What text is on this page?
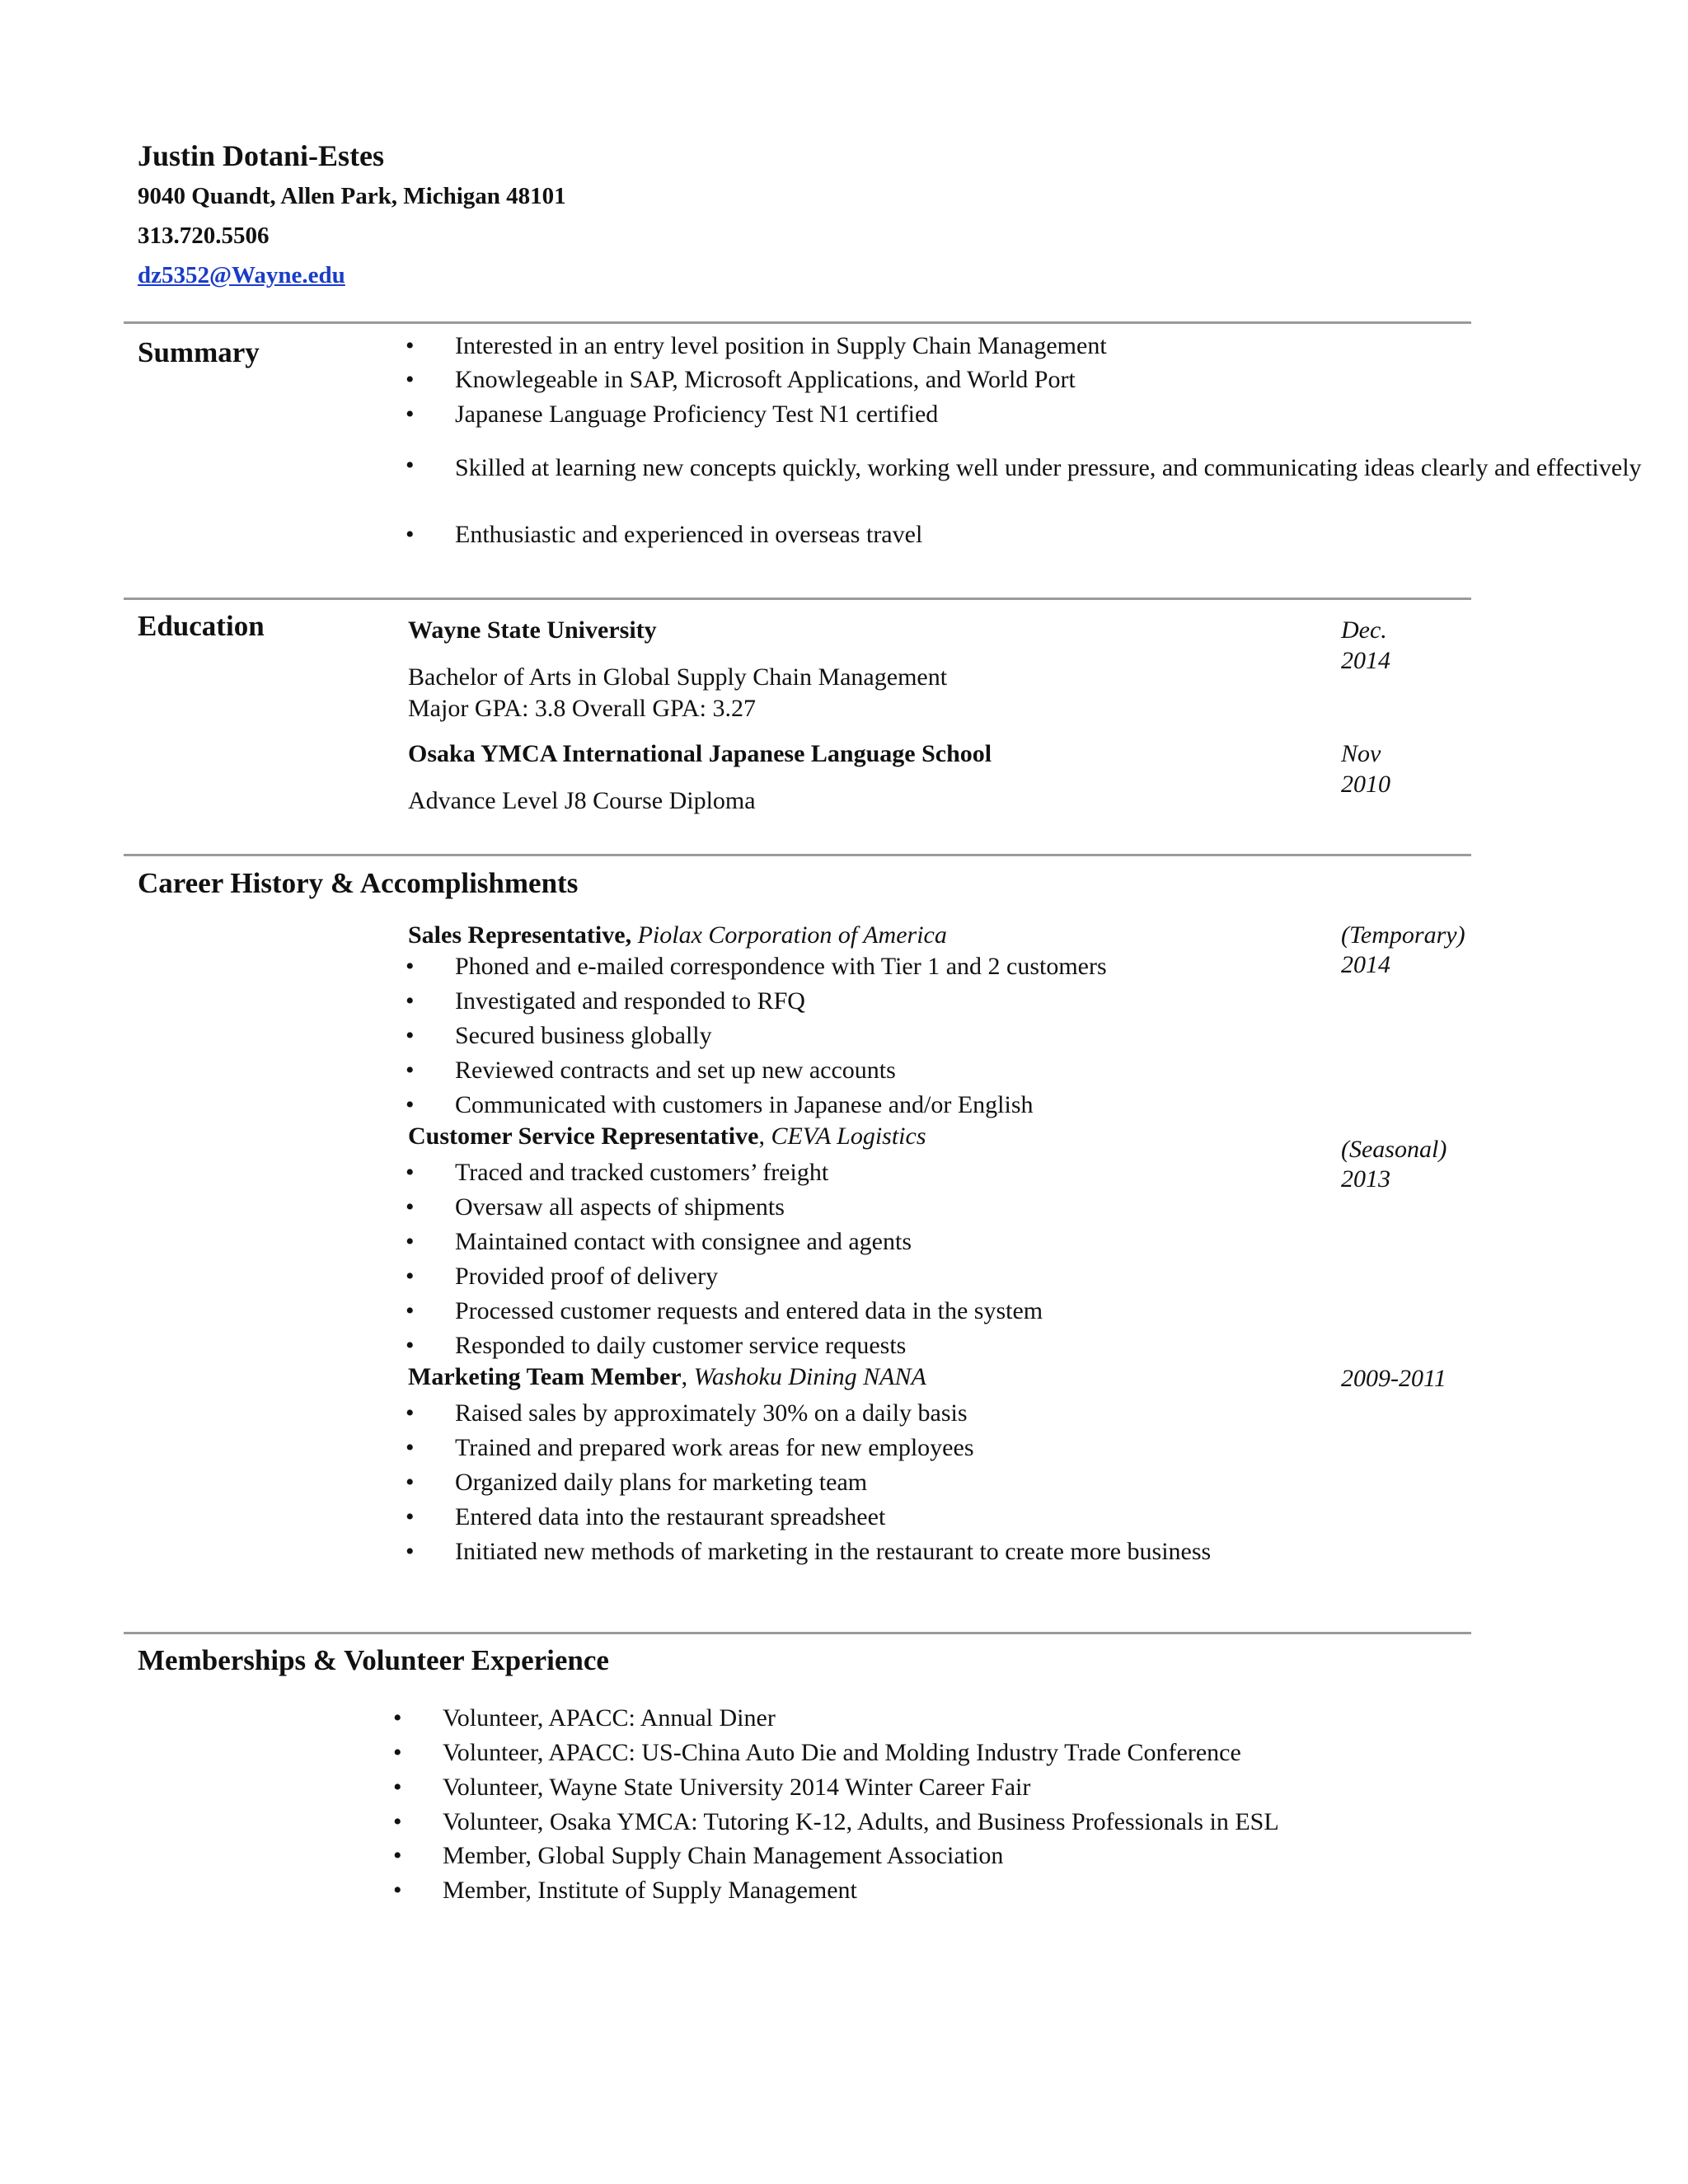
Justin Dotani-Estes
9040 Quandt, Allen Park, Michigan 48101
313.720.5506
dz5352@Wayne.edu
Summary	• Interested in an entry level position in Supply Chain Management
• Knowlegeable in SAP, Microsoft Applications, and World Port
• Japanese Language Proficiency Test N1 certified
• Skilled at learning new concepts quickly, working well under pressure, and communicating ideas clearly and effectively
• Enthusiastic and experienced in overseas travel
Education	Wayne State University
Bachelor of Arts in Global Supply Chain Management
Major GPA: 3.8 Overall GPA: 3.27
Dec.
2014
Osaka YMCA International Japanese Language School
Advance Level J8 Course Diploma
Nov
2010
Career History & Accomplishments
Sales Representative, Piolax Corporation of America	(Temporary)
2014
• Phoned and e-mailed correspondence with Tier 1 and 2 customers
• Investigated and responded to RFQ
• Secured business globally
• Reviewed contracts and set up new accounts
• Communicated with customers in Japanese and/or English
Customer Service Representative, CEVA Logistics	(Seasonal)
2013
• Traced and tracked customers’ freight
• Oversaw all aspects of shipments
• Maintained contact with consignee and agents
• Provided proof of delivery
• Processed customer requests and entered data in the system
• Responded to daily customer service requests
Marketing Team Member, Washoku Dining NANA	2009-2011
• Raised sales by approximately 30% on a daily basis
• Trained and prepared work areas for new employees
• Organized daily plans for marketing team
• Entered data into the restaurant spreadsheet
• Initiated new methods of marketing in the restaurant to create more business
Memberships & Volunteer Experience
• Volunteer, APACC: Annual Diner
• Volunteer, APACC: US-China Auto Die and Molding Industry Trade Conference
• Volunteer, Wayne State University 2014 Winter Career Fair
• Volunteer, Osaka YMCA: Tutoring K-12, Adults, and Business Professionals in ESL
• Member, Global Supply Chain Management Association
• Member, Institute of Supply Management
